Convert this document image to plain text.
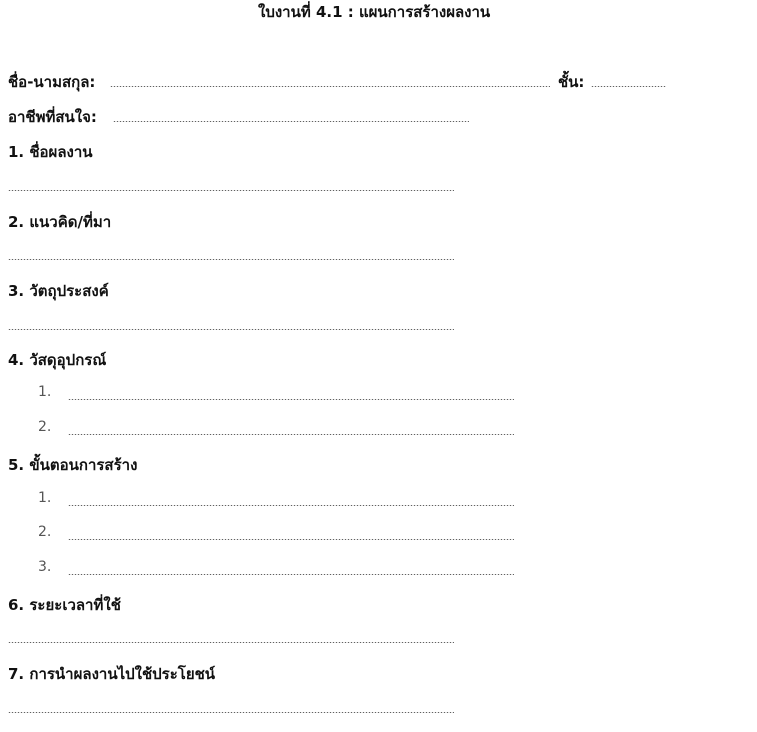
ใบงานที่ 4.1 : แผนการสร้างผลงาน
ชื่อ-นามสกุล:	ชั้น:
อาชีพที่สนใจ:
1. ชื่อผลงาน
2. แนวคิด/ที่มา
3. วัตถุประสงค์
4. วัสดุอุปกรณ์
1.
2.
5. ขั้นตอนการสร้าง
1.
2.
3.
6. ระยะเวลาที่ใช้
7. การนำผลงานไปใช้ประโยชน์
